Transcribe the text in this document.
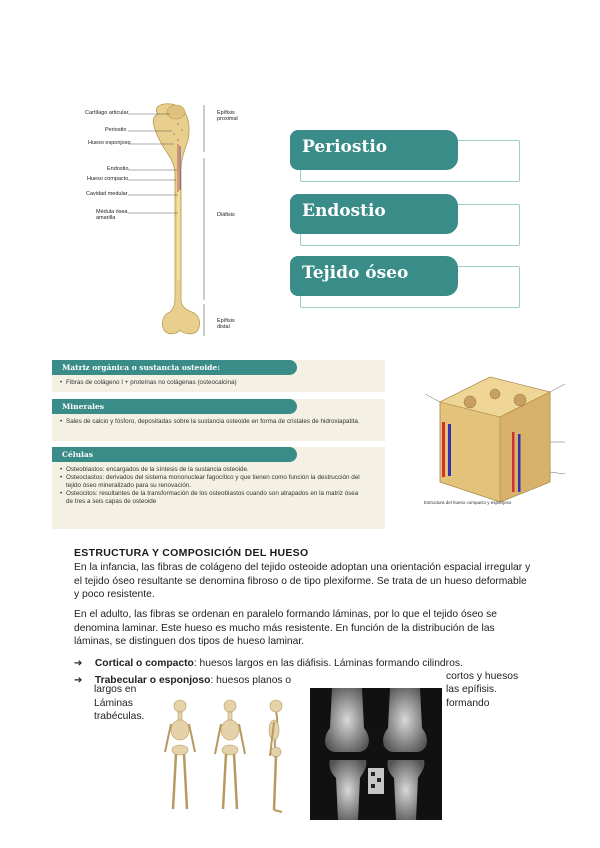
Cartílago articular
Periostio
Hueso esponjoso
Endostio
Hueso compacto
Cavidad medular
Médula ósea amarilla
Epífisis
proximal
Diáfisis
Epífisis
distal
Periostio
Endostio
Tejido óseo
Matriz orgánica o sustancia osteoide:
• Fibras de colágeno I + proteínas no colágenas (osteocalcina)
Minerales
• Sales de calcio y fósforo, depositadas sobre la sustancia osteoide en forma de cristales de hidroxiapatita.
Células
• Osteoblastos: encargados de la síntesis de la sustancia osteoide.
• Osteoclastos: derivados del sistema mononuclear fagocítico y que tienen como función la destrucción del tejido óseo mineralizado para su renovación.
• Osteocitos: resultantes de la transformación de los osteoblastos cuando son atrapados en la matriz ósea de tres a seis capas de osteoide	Estructura del hueso compacto y esponjoso
ESTRUCTURA Y COMPOSICIÓN DEL HUESO
En la infancia, las fibras de colágeno del tejido osteoide adoptan una orientación espacial irregular y el tejido óseo resultante se denomina fibroso o de tipo plexiforme. Se trata de un hueso deformable y poco resistente.
En el adulto, las fibras se ordenan en paralelo formando láminas, por lo que el tejido óseo se denomina laminar. Este hueso es mucho más resistente. En función de la distribución de las láminas, se distinguen dos tipos de hueso laminar.
➔ Cortical o compacto: huesos largos en las diáfisis. Láminas formando cilindros.
➔ Trabecular o esponjoso: huesos planos o
largos en
Láminas
trabéculas.
cortos y huesos
las epífisis.
formando
